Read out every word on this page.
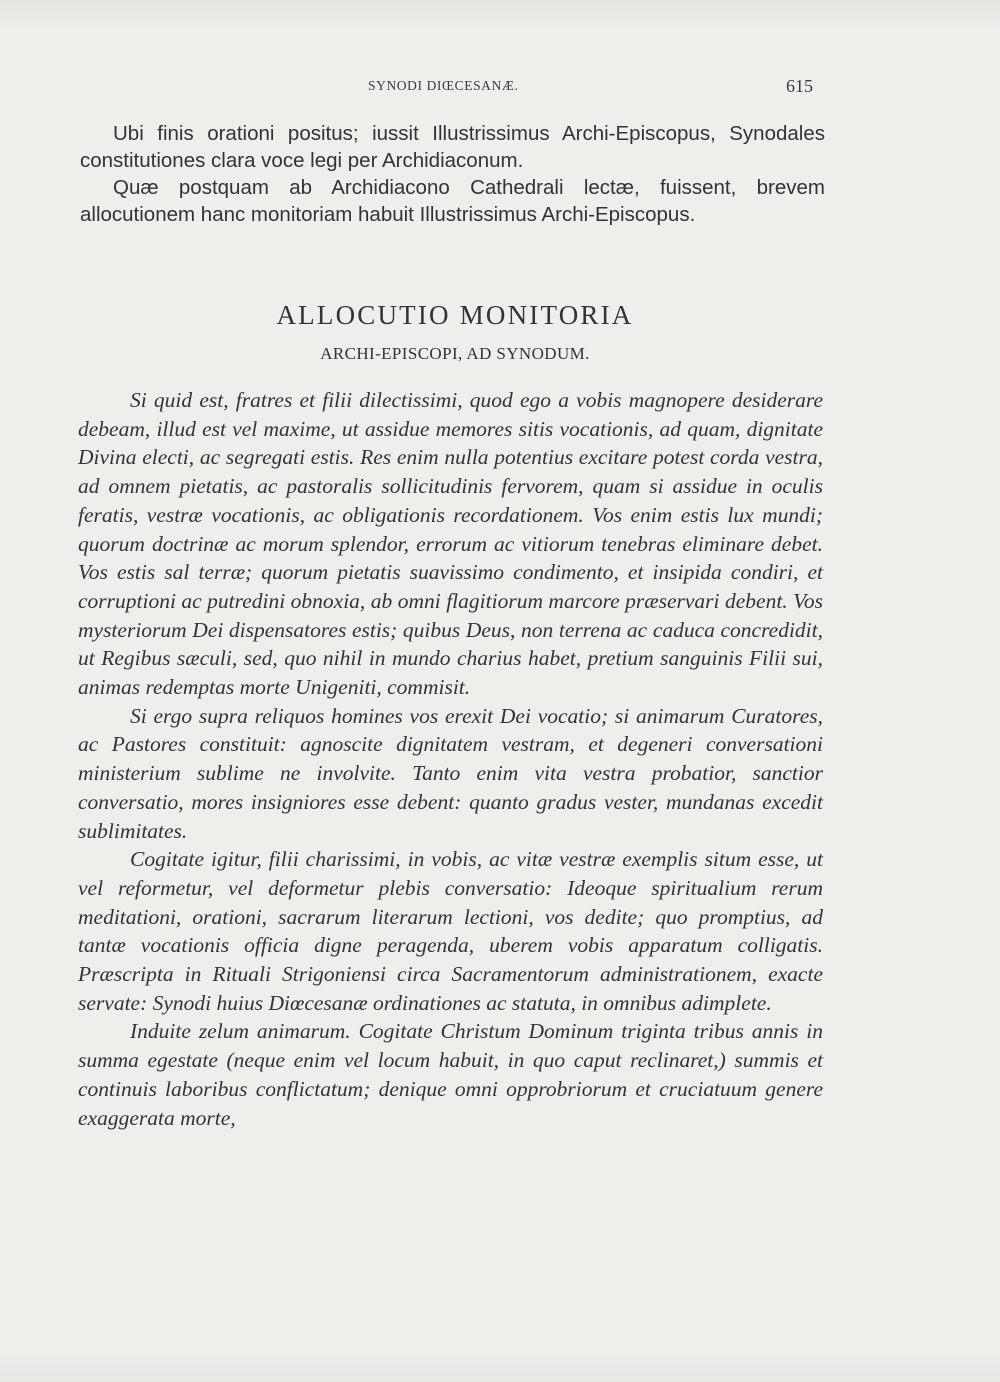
SYNODI DIŒCESANÆ.	615

Ubi finis orationi positus; iussit Illustrissimus Archi-Episcopus, Synodales constitutiones clara voce legi per Archidiaconum.

Quæ postquam ab Archidiacono Cathedrali lectæ, fuissent, brevem allocutionem hanc monitoriam habuit Illustrissimus Archi-Episcopus.

ALLOCUTIO MONITORIA
ARCHI-EPISCOPI, AD SYNODUM.

Si quid est, fratres et filii dilectissimi, quod ego a vobis magnopere desiderare debeam, illud est vel maxime, ut assidue memores sitis vocationis, ad quam, dignitate Divina electi, ac segregati estis. Res enim nulla potentius excitare potest corda vestra, ad omnem pietatis, ac pastoralis sollicitudinis fervorem, quam si assidue in oculis feratis, vestræ vocationis, ac obligationis recordationem. Vos enim estis lux mundi; quorum doctrinæ ac morum splendor, errorum ac vitiorum tenebras eliminare debet. Vos estis sal terræ; quorum pietatis suavissimo condimento, et insipida condiri, et corruptioni ac putredini obnoxia, ab omni flagitiorum marcore præservari debent. Vos mysteriorum Dei dispensatores estis; quibus Deus, non terrena ac caduca concredidit, ut Regibus sæculi, sed, quo nihil in mundo charius habet, pretium sanguinis Filii sui, animas redemptas morte Unigeniti, commisit.

Si ergo supra reliquos homines vos erexit Dei vocatio; si animarum Curatores, ac Pastores constituit: agnoscite dignitatem vestram, et degeneri conversationi ministerium sublime ne involvite. Tanto enim vita vestra probatior, sanctior conversatio, mores insigniores esse debent: quanto gradus vester, mundanas excedit sublimitates.

Cogitate igitur, filii charissimi, in vobis, ac vitæ vestræ exemplis situm esse, ut vel reformetur, vel deformetur plebis conversatio: Ideoque spiritualium rerum meditationi, orationi, sacrarum literarum lectioni, vos dedite; quo promptius, ad tantæ vocationis officia digne peragenda, uberem vobis apparatum colligatis. Præscripta in Rituali Strigoniensi circa Sacramentorum administrationem, exacte servate: Synodi huius Diœcesanæ ordinationes ac statuta, in omnibus adimplete.

Induite zelum animarum. Cogitate Christum Dominum triginta tribus annis in summa egestate (neque enim vel locum habuit, in quo caput reclinaret,) summis et continuis laboribus conflictatum; denique omni opprobriorum et cruciatuum genere exaggerata morte,
